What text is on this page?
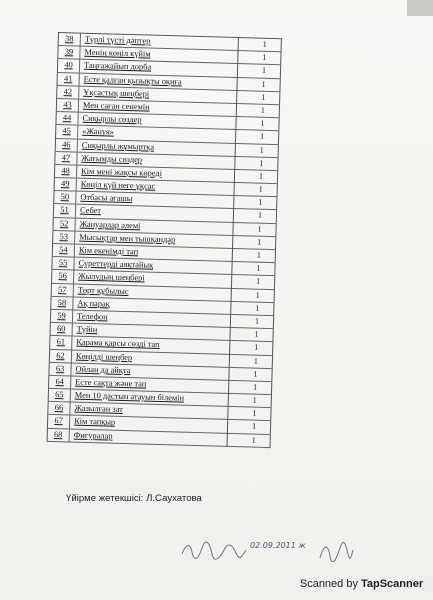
38	Түрлі түсті дәптер	1
39	Менің көңіл күйім	1
40	Таңғажайып дорба	1
41	Есте қалған қызықты оқиға	1
42	Ұқсастық шеңбері	1
43	Мен саған сенемін	1
44	Сиқырлы сөздер	1
45	«Жануя»	1
46	Сиқырлы жұмыртқа	1
47	Жағымды сөздер	1
48	Кім мені жақсы көреді	1
49	Көңіл күй неге ұқсас	1
50	Отбасы ағашы	1
51	Себет	1
52	Жануарлар әлемі	1
53	Мысықтар мен тышқандар	1
54	Кім екенімді тап	1
55	Суреттерді аяқтайық	1
56	Жылудың шеңбері	1
57	Төрт құбылыс	1
58	Ақ парақ	1
59	Телефон	1
60	Түйін	1
61	Қарама қарсы сөзді тап	1
62	Көңілді шеңбер	1
63	Ойлан да айқта	1
64	Есте сақта және тап	1
65	Мен 10 дастын атауын білемін	1
66	Жазылған зат	1
67	Кім тапқыр	1
68	Фигуралар	1
Үйірме жетекшісі: Л.Саухатова
02.09.2011 ж
Scanned by TapScanner
